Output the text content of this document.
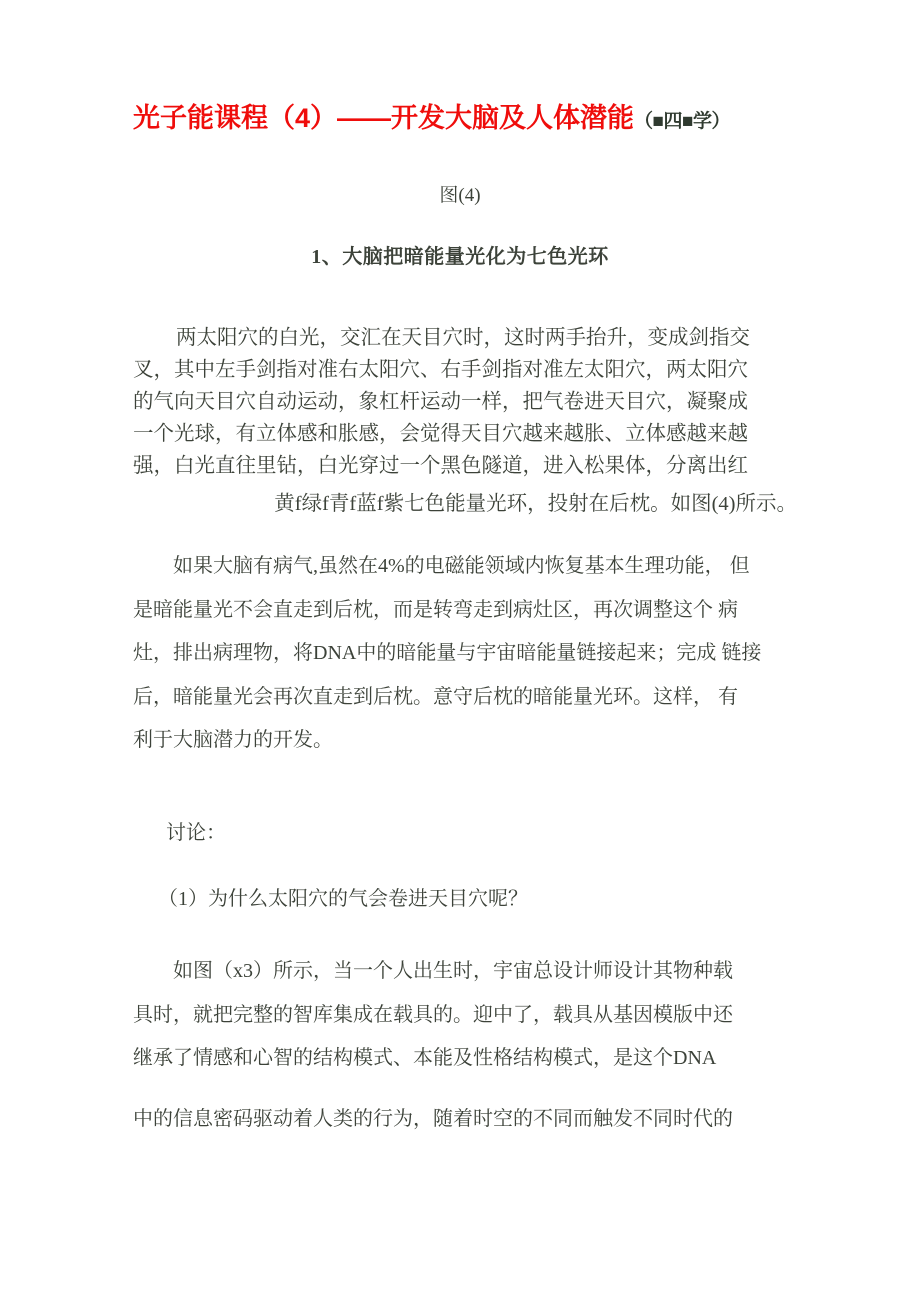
光子能课程（4）——开发大脑及人体潜能（■四■学）
图(4)
1、大脑把暗能量光化为七色光环
两太阳穴的白光，交汇在天目穴时，这时两手抬升，变成剑指交
叉，其中左手剑指对准右太阳穴、右手剑指对准左太阳穴，两太阳穴
的气向天目穴自动运动，象杠杆运动一样，把气卷进天目穴，凝聚成
一个光球，有立体感和胀感，会觉得天目穴越来越胀、立体感越来越
强，白光直往里钻，白光穿过一个黑色隧道，进入松果体，分离出红
黄f绿f青f蓝f紫七色能量光环，投射在后枕。如图(4)所示。
如果大脑有病气,虽然在4%的电磁能领域内恢复基本生理功能， 但
是暗能量光不会直走到后枕，而是转弯走到病灶区，再次调整这个 病
灶，排出病理物，将DNA中的暗能量与宇宙暗能量链接起来；完成 链接
后，暗能量光会再次直走到后枕。意守后枕的暗能量光环。这样， 有
利于大脑潜力的开发。
讨论：
（1）为什么太阳穴的气会卷进天目穴呢？
如图（x3）所示，当一个人出生时，宇宙总设计师设计其物种载
具时，就把完整的智库集成在载具的。迎中了，载具从基因模版中还
继承了情感和心智的结构模式、本能及性格结构模式，是这个DNA
中的信息密码驱动着人类的行为，随着时空的不同而触发不同时代的
